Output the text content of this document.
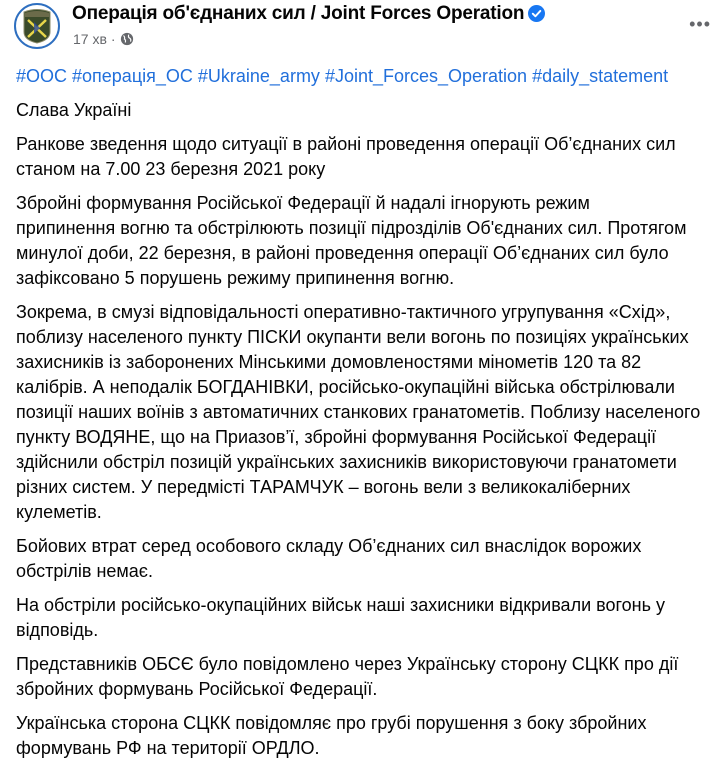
Операція об'єднаних сил / Joint Forces Operation
17 хв ·
•••
#ООС #операція_ОС #Ukraine_army #Joint_Forces_Operation #daily_statement
Слава Україні
Ранкове зведення щодо ситуації в районі проведення операції Об’єднаних сил станом на 7.00 23 березня 2021 року
Збройні формування Російської Федерації й надалі ігнорують режим припинення вогню та обстрілюють позиції підрозділів Об'єднаних сил. Протягом минулої доби, 22 березня, в районі проведення операції Об’єднаних сил було зафіксовано 5 порушень режиму припинення вогню.
Зокрема, в смузі відповідальності оперативно-тактичного угрупування «Схід», поблизу населеного пункту ПІСКИ окупанти вели вогонь по позиціях українських захисників із заборонених Мінськими домовленостями мінометів 120 та 82 калібрів. А неподалік БОГДАНІВКИ, російсько-окупаційні війська обстрілювали позиції наших воїнів з автоматичних станкових гранатометів. Поблизу населеного пункту ВОДЯНЕ, що на Приазов’ї, збройні формування Російської Федерації здійснили обстріл позицій українських захисників використовуючи гранатомети різних систем. У передмісті ТАРАМЧУК – вогонь вели з великокаліберних кулеметів.
Бойових втрат серед особового складу Об’єднаних сил внаслідок ворожих обстрілів немає.
На обстріли російсько-окупаційних військ наші захисники відкривали вогонь у відповідь.
Представників ОБСЄ було повідомлено через Українську сторону СЦКК про дії збройних формувань Російської Федерації.
Українська сторона СЦКК повідомляє про грубі порушення з боку збройних формувань РФ на території ОРДЛО.
